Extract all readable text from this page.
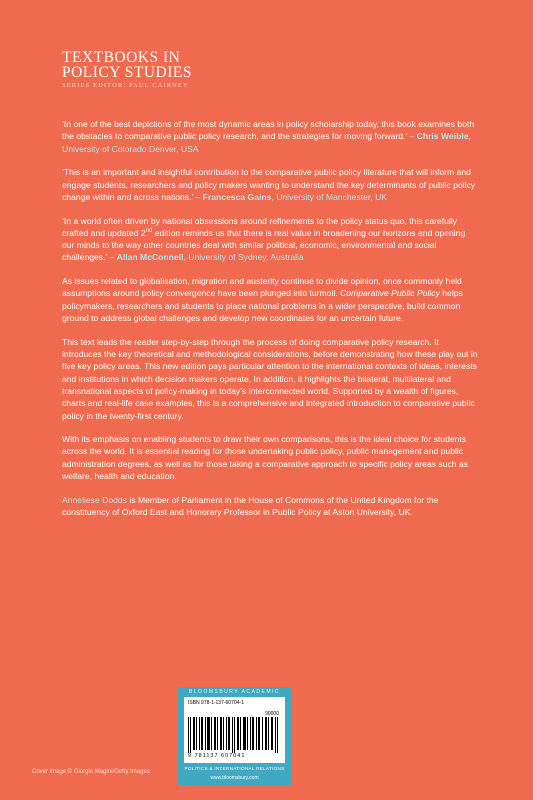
TEXTBOOKS IN
POLICY STUDIES
SERIES EDITOR: PAUL CAIRNEY

‘In one of the best depictions of the most dynamic areas in policy scholarship today, this book examines both the obstacles to comparative public policy research, and the strategies for moving forward.’ – Chris Weible, University of Colorado Denver, USA

‘This is an important and insightful contribution to the comparative public policy literature that will inform and engage students, researchers and policy makers wanting to understand the key determinants of public policy change within and across nations.’ – Francesca Gains, University of Manchester, UK

‘In a world often driven by national obsessions around refinements to the policy status quo, this carefully crafted and updated 2nd edition reminds us that there is real value in broadening our horizons and opening our minds to the way other countries deal with similar political, economic, environmental and social challenges.’ – Allan McConnell, University of Sydney, Australia

As issues related to globalisation, migration and austerity continue to divide opinion, once commonly held assumptions around policy convergence have been plunged into turmoil. Comparative Public Policy helps policymakers, researchers and students to place national problems in a wider perspective, build common ground to address global challenges and develop new coordinates for an uncertain future.

This text leads the reader step-by-step through the process of doing comparative policy research. It introduces the key theoretical and methodological considerations, before demonstrating how these play out in five key policy areas. This new edition pays particular attention to the international contexts of ideas, interests and institutions in which decision makers operate. In addition, it highlights the bilateral, multilateral and transnational aspects of policy-making in today’s interconnected world. Supported by a wealth of figures, charts and real-life case examples, this is a comprehensive and integrated introduction to comparative public policy in the twenty-first century.

With its emphasis on enabling students to draw their own comparisons, this is the ideal choice for students across the world. It is essential reading for those undertaking public policy, public management and public administration degrees, as well as for those taking a comparative approach to specific policy areas such as welfare, health and education.

Anneliese Dodds is Member of Parliament in the House of Commons of the United Kingdom for the constituency of Oxford East and Honorary Professor in Public Policy at Aston University, UK.

BLOOMSBURY ACADEMIC
ISBN 978-1-137-60704-1
90000
9 781137 607041
POLITICS & INTERNATIONAL RELATIONS
www.bloomsbury.com
Cover image © Giorgio Magini/Getty Images
